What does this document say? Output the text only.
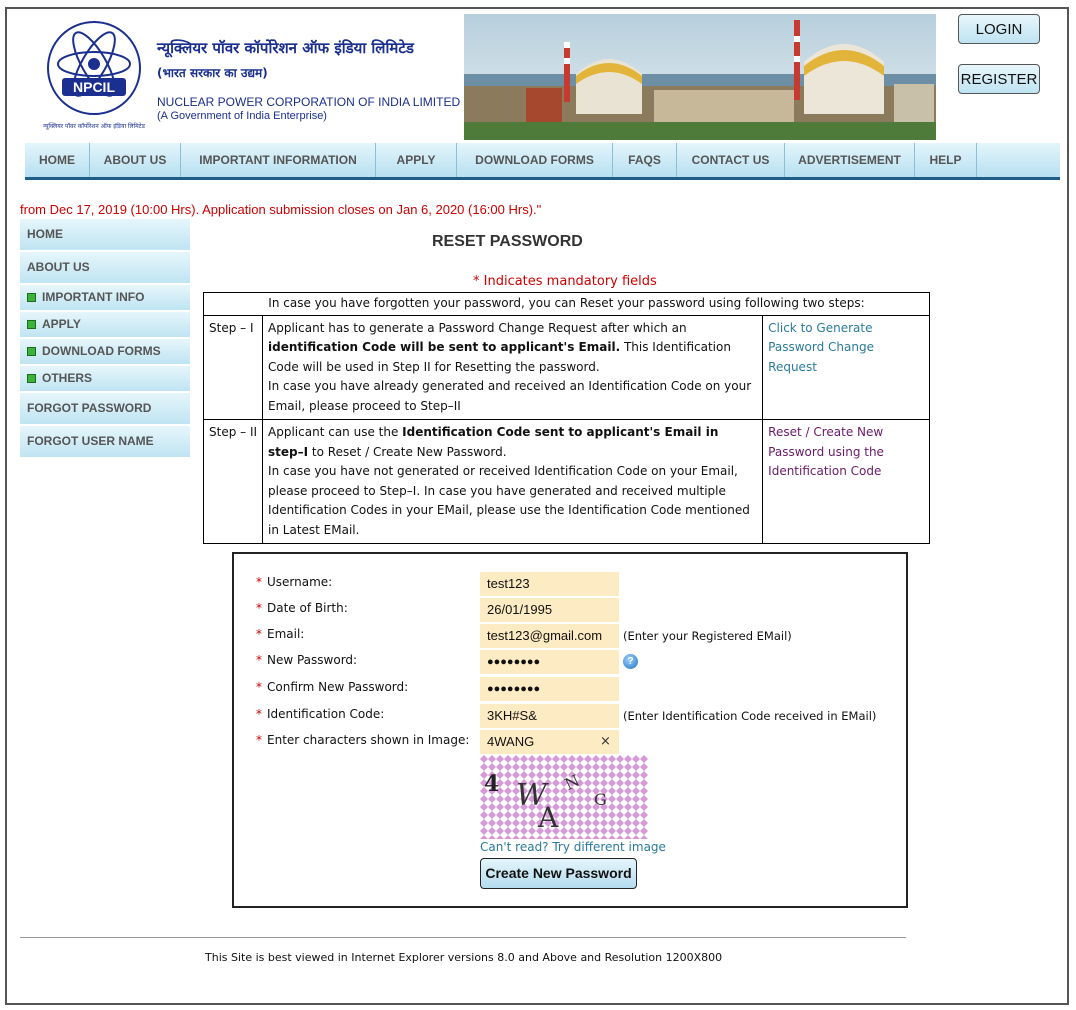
NPCIL
न्यूक्लियर पॉवर कॉर्पोरेशन ऑफ इंडिया लिमिटेड
न्यूक्लियर पॉवर कॉर्पोरेशन ऑफ इंडिया लिमिटेड
(भारत सरकार का उद्यम)
NUCLEAR POWER CORPORATION OF INDIA LIMITED
(A Government of India Enterprise)
LOGIN
REGISTER
HOME	ABOUT US	IMPORTANT INFORMATION	APPLY	DOWNLOAD FORMS	FAQS	CONTACT US	ADVERTISEMENT	HELP
from Dec 17, 2019 (10:00 Hrs). Application submission closes on Jan 6, 2020 (16:00 Hrs)."
HOME
ABOUT US
IMPORTANT INFO
APPLY
DOWNLOAD FORMS
OTHERS
FORGOT PASSWORD
FORGOT USER NAME
RESET PASSWORD
* Indicates mandatory fields
In case you have forgotten your password, you can Reset your password using following two steps:		
Step – I	Applicant has to generate a Password Change Request after which an identification Code will be sent to applicant's Email. This Identification Code will be used in Step II for Resetting the password.
In case you have already generated and received an Identification Code on your Email, please proceed to Step–II	Click to Generate Password Change Request
Step – II	Applicant can use the Identification Code sent to applicant's Email in step–I to Reset / Create New Password.
In case you have not generated or received Identification Code on your Email, please proceed to Step–I. In case you have generated and received multiple Identification Codes in your EMail, please use the Identification Code mentioned in Latest EMail.	Reset / Create New Password using the Identification Code
* Username:	test123
* Date of Birth:	26/01/1995
* Email:	test123@gmail.com	(Enter your Registered EMail)
* New Password:	●●●●●●●●	?
* Confirm New Password:	●●●●●●●●
* Identification Code:	3KH#S&	(Enter Identification Code received in EMail)
* Enter characters shown in Image:	4WANG	×
4 W
A
N
G
Can't read? Try different image
Create New Password
This Site is best viewed in Internet Explorer versions 8.0 and Above and Resolution 1200X800
